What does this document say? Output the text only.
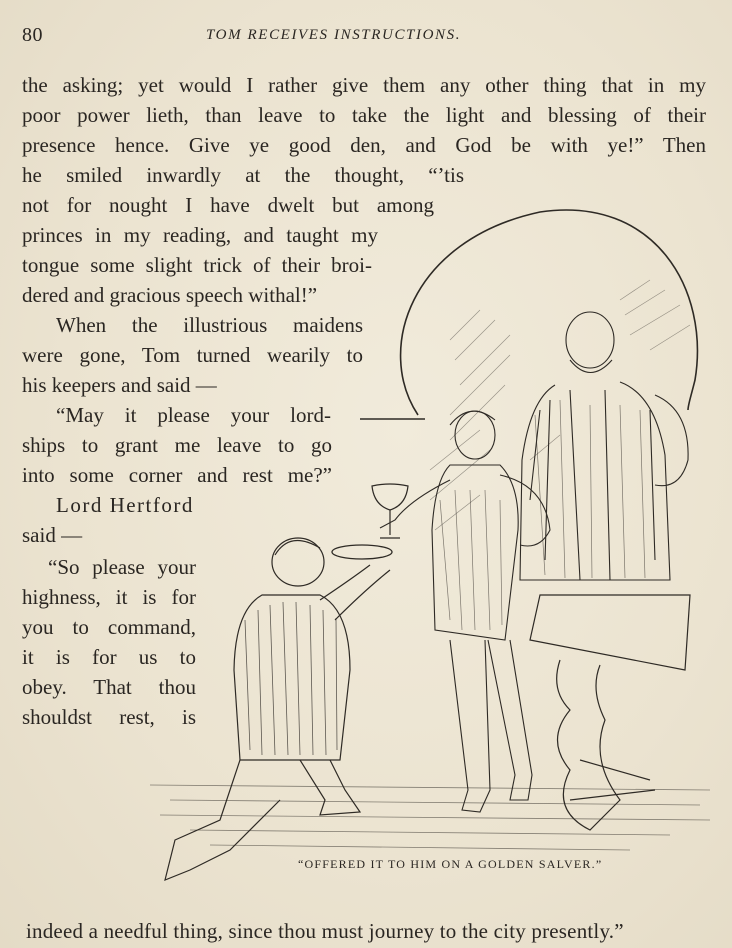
80	TOM RECEIVES INSTRUCTIONS.
the asking; yet would I rather give them any other thing that in my
poor power lieth, than leave to take the light and blessing of their
presence hence. Give ye good den, and God be with ye!” Then
he smiled inwardly at the thought, “’tis
not for nought I have dwelt but among
princes in my reading, and taught my
tongue some slight trick of their broi-
dered and gracious speech withal!”
When the illustrious maidens
were gone, Tom turned wearily to
his keepers and said —
“May it please your lord-
ships to grant me leave to go
into some corner and rest me?”
Lord Hertford
said —
“So please your
highness, it is for
you to command,
it is for us to
obey. That thou
shouldst rest, is
“OFFERED IT TO HIM ON A GOLDEN SALVER.”
indeed a needful thing, since thou must journey to the city presently.”
